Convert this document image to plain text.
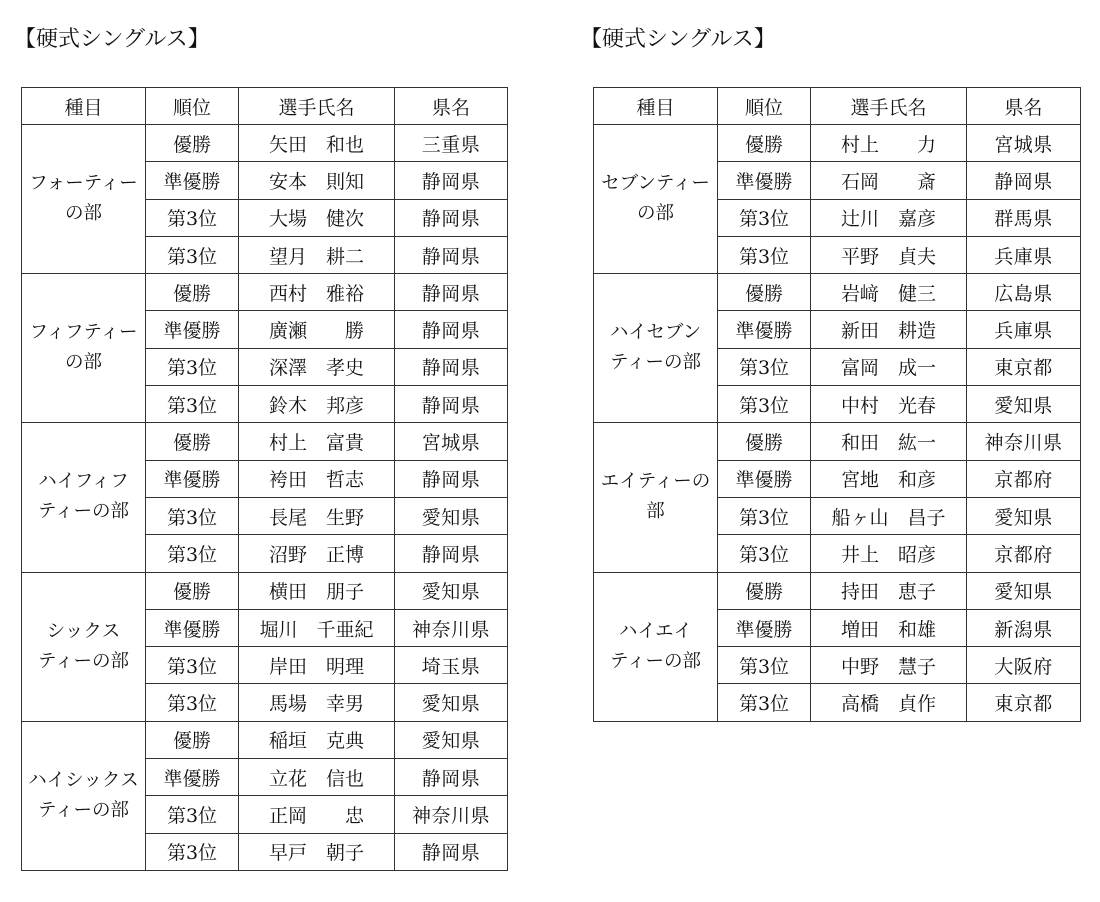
【硬式シングルス】
種目	順位	選手氏名	県名

フォーティー
の部	優勝	矢田　和也	三重県
	準優勝	安本　則知	静岡県
	第3位	大場　健次	静岡県
	第3位	望月　耕二	静岡県

フィフティー
の部	優勝	西村　雅裕	静岡県
	準優勝	廣瀬　　勝	静岡県
	第3位	深澤　孝史	静岡県
	第3位	鈴木　邦彦	静岡県

ハイフィフ
ティーの部	優勝	村上　富貴	宮城県
	準優勝	袴田　哲志	静岡県
	第3位	長尾　生野	愛知県
	第3位	沼野　正博	静岡県

シックス
ティーの部	優勝	横田　朋子	愛知県
	準優勝	堀川　千亜紀	神奈川県
	第3位	岸田　明理	埼玉県
	第3位	馬場　幸男	愛知県

ハイシックス
ティーの部	優勝	稲垣　克典	愛知県
	準優勝	立花　信也	静岡県
	第3位	正岡　　忠	神奈川県
	第3位	早戸　朝子	静岡県
【硬式シングルス】
種目	順位	選手氏名	県名

セブンティー
の部	優勝	村上　　力	宮城県
	準優勝	石岡　　斎	静岡県
	第3位	辻川　嘉彦	群馬県
	第3位	平野　貞夫	兵庫県

ハイセブン
ティーの部	優勝	岩﨑　健三	広島県
	準優勝	新田　耕造	兵庫県
	第3位	富岡　成一	東京都
	第3位	中村　光春	愛知県

エイティーの
部	優勝	和田　紘一	神奈川県
	準優勝	宮地　和彦	京都府
	第3位	船ヶ山　昌子	愛知県
	第3位	井上　昭彦	京都府

ハイエイ
ティーの部	優勝	持田　恵子	愛知県
	準優勝	増田　和雄	新潟県
	第3位	中野　慧子	大阪府
	第3位	高橋　貞作	東京都
